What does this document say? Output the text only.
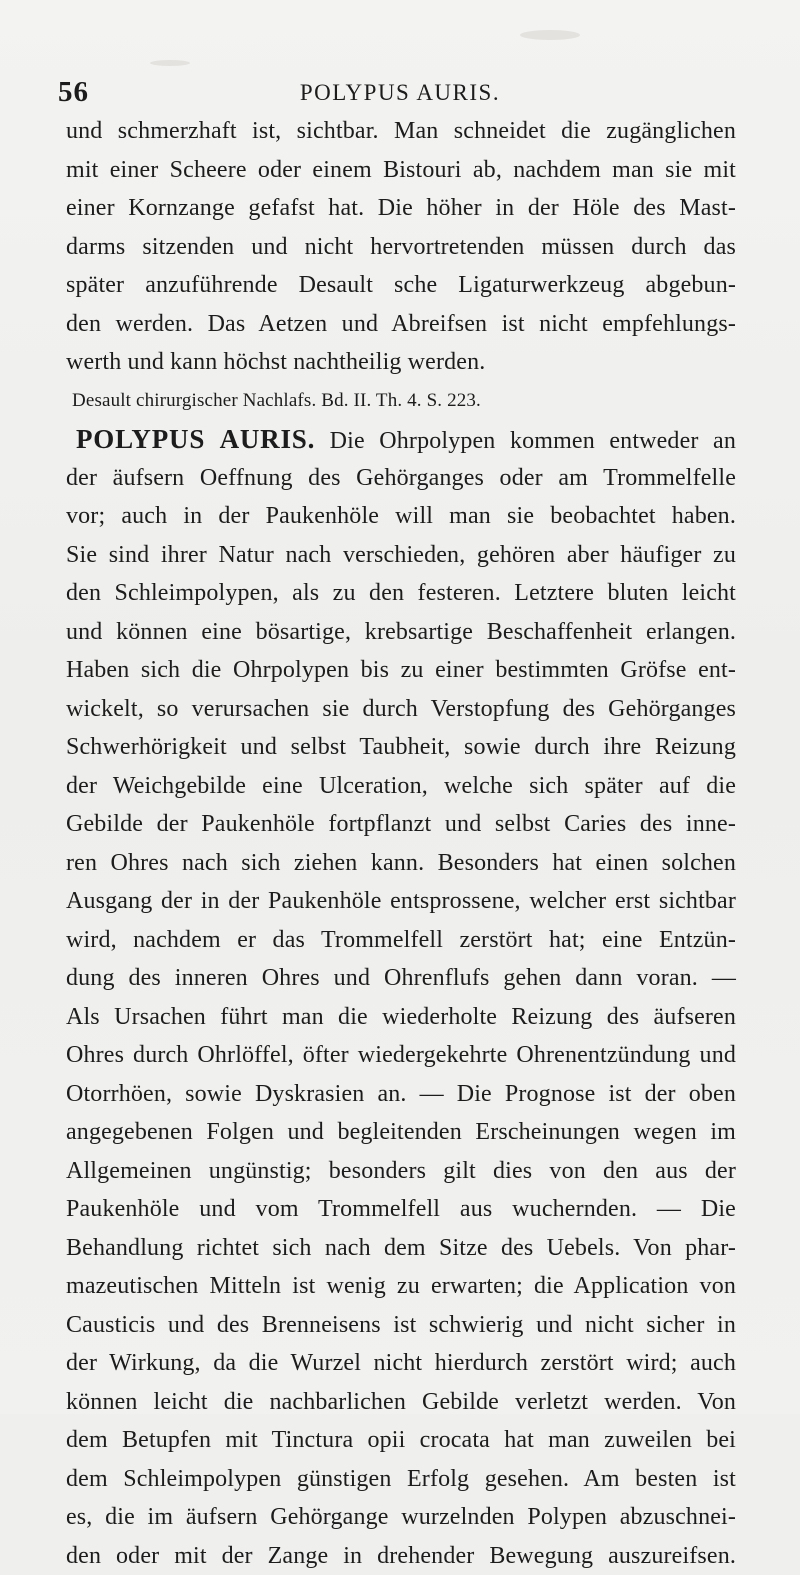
56	POLYPUS AURIS.
und schmerzhaft ist, sichtbar. Man schneidet die zugänglichen
mit einer Scheere oder einem Bistouri ab, nachdem man sie mit
einer Kornzange gefafst hat. Die höher in der Höle des Mast-
darms sitzenden und nicht hervortretenden müssen durch das
später anzuführende Desault sche Ligaturwerkzeug abgebun-
den werden. Das Aetzen und Abreifsen ist nicht empfehlungs-
werth und kann höchst nachtheilig werden.
Desault chirurgischer Nachlafs. Bd. II. Th. 4. S. 223.
POLYPUS AURIS. Die Ohrpolypen kommen entweder an
der äufsern Oeffnung des Gehörganges oder am Trommelfelle
vor; auch in der Paukenhöle will man sie beobachtet haben.
Sie sind ihrer Natur nach verschieden, gehören aber häufiger zu
den Schleimpolypen, als zu den festeren. Letztere bluten leicht
und können eine bösartige, krebsartige Beschaffenheit erlangen.
Haben sich die Ohrpolypen bis zu einer bestimmten Gröfse ent-
wickelt, so verursachen sie durch Verstopfung des Gehörganges
Schwerhörigkeit und selbst Taubheit, sowie durch ihre Reizung
der Weichgebilde eine Ulceration, welche sich später auf die
Gebilde der Paukenhöle fortpflanzt und selbst Caries des inne-
ren Ohres nach sich ziehen kann. Besonders hat einen solchen
Ausgang der in der Paukenhöle entsprossene, welcher erst sichtbar
wird, nachdem er das Trommelfell zerstört hat; eine Entzün-
dung des inneren Ohres und Ohrenflufs gehen dann voran. —
Als Ursachen führt man die wiederholte Reizung des äufseren
Ohres durch Ohrlöffel, öfter wiedergekehrte Ohrenentzündung und
Otorrhöen, sowie Dyskrasien an. — Die Prognose ist der oben
angegebenen Folgen und begleitenden Erscheinungen wegen im
Allgemeinen ungünstig; besonders gilt dies von den aus der
Paukenhöle und vom Trommelfell aus wuchernden. — Die
Behandlung richtet sich nach dem Sitze des Uebels. Von phar-
mazeutischen Mitteln ist wenig zu erwarten; die Application von
Causticis und des Brenneisens ist schwierig und nicht sicher in
der Wirkung, da die Wurzel nicht hierdurch zerstört wird; auch
können leicht die nachbarlichen Gebilde verletzt werden. Von
dem Betupfen mit Tinctura opii crocata hat man zuweilen bei
dem Schleimpolypen günstigen Erfolg gesehen. Am besten ist
es, die im äufsern Gehörgange wurzelnden Polypen abzuschnei-
den oder mit der Zange in drehender Bewegung auszureifsen.
